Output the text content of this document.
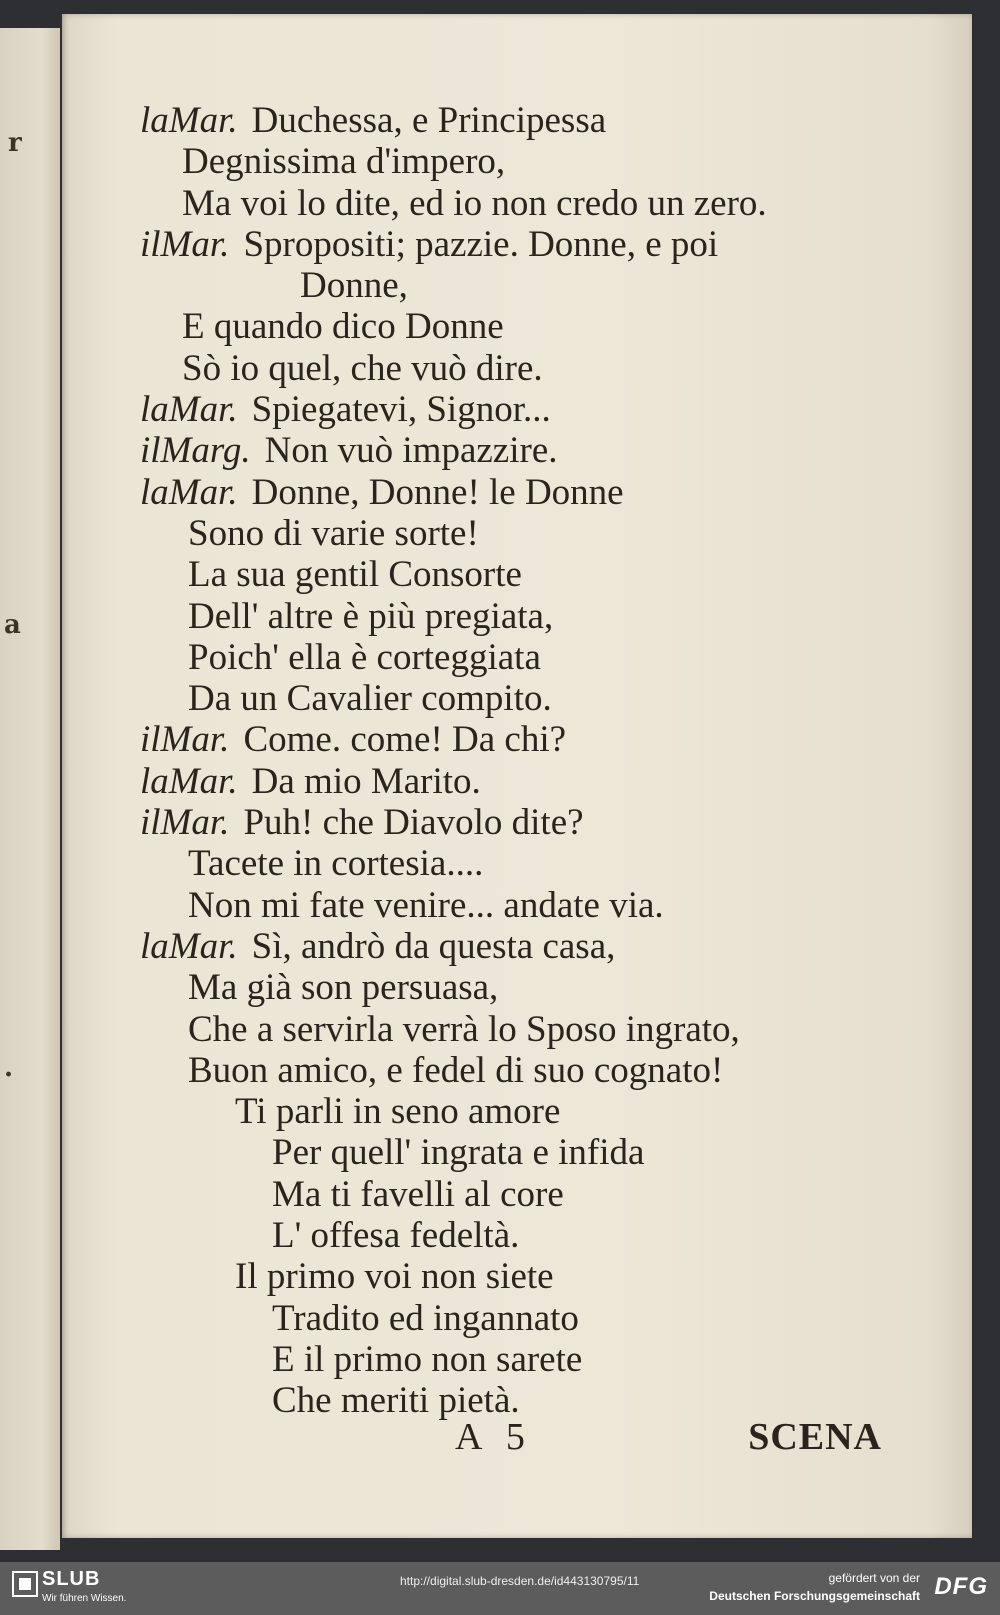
r
a
.
laMar. Duchessa, e Principessa
Degnissima d'impero,
Ma voi lo dite, ed io non credo un zero.
ilMar. Spropositi; pazzie. Donne, e poi
Donne,
E quando dico Donne
Sò io quel, che vuò dire.
laMar. Spiegatevi, Signor...
ilMarg. Non vuò impazzire.
laMar. Donne, Donne! le Donne
Sono di varie sorte!
La sua gentil Consorte
Dell' altre è più pregiata,
Poich' ella è corteggiata
Da un Cavalier compito.
ilMar. Come. come! Da chi?
laMar. Da mio Marito.
ilMar. Puh! che Diavolo dite?
Tacete in cortesia....
Non mi fate venire... andate via.
laMar. Sì, andrò da questa casa,
Ma già son persuasa,
Che a servirla verrà lo Sposo ingrato,
Buon amico, e fedel di suo cognato!
Ti parli in seno amore
Per quell' ingrata e infida
Ma ti favelli al core
L' offesa fedeltà.
Il primo voi non siete
Tradito ed ingannato
E il primo non sarete
Che meriti pietà.
A 5	SCENA
SLUB
Wir führen Wissen.
http://digital.slub-dresden.de/id443130795/11	gefördert von der
Deutschen Forschungsgemeinschaft DFG
